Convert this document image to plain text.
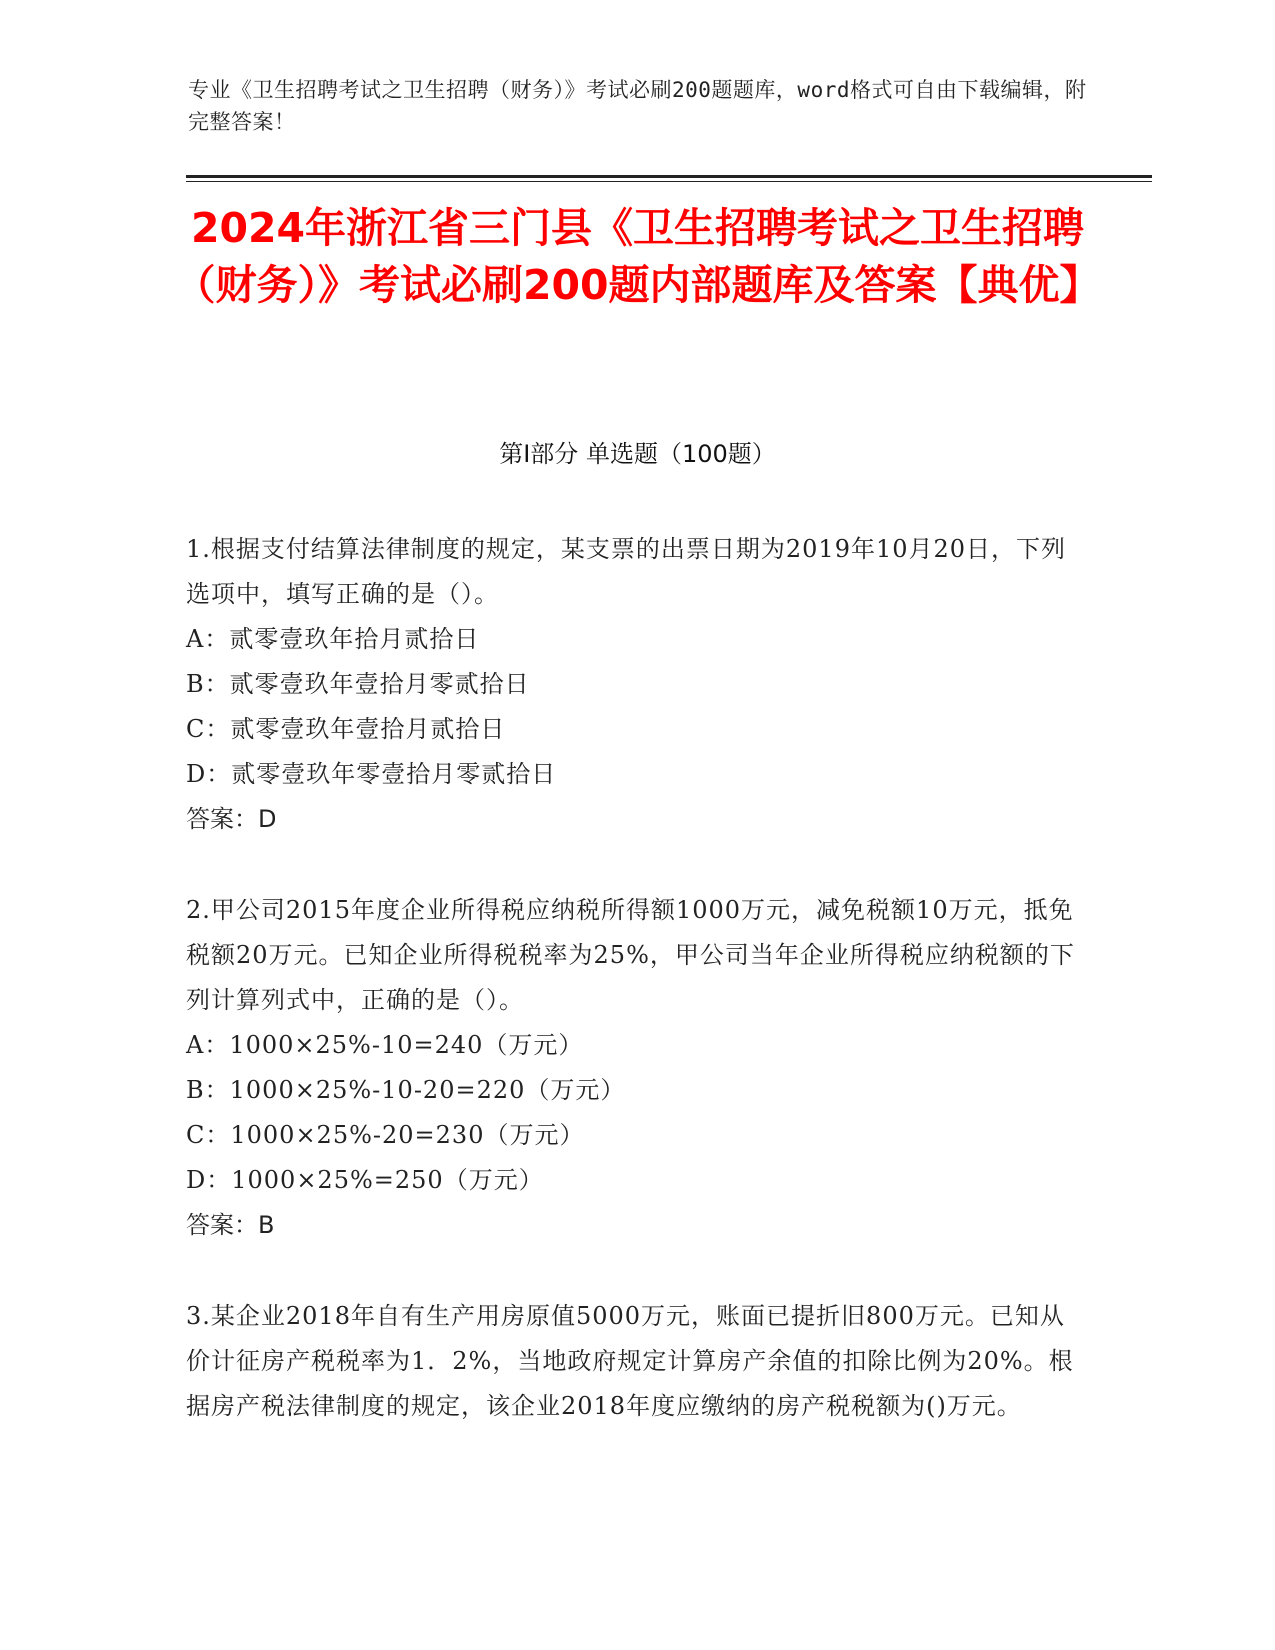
专业《卫生招聘考试之卫生招聘（财务）》考试必刷200题题库，word格式可自由下载编辑，附完整答案！
2024年浙江省三门县《卫生招聘考试之卫生招聘（财务）》考试必刷200题内部题库及答案【典优】
第Ⅰ部分 单选题（100题）

1.根据支付结算法律制度的规定，某支票的出票日期为2019年10月20日，下列选项中，填写正确的是（）。

A：贰零壹玖年拾月贰拾日

B：贰零壹玖年壹拾月零贰拾日

C：贰零壹玖年壹拾月贰拾日

D：贰零壹玖年零壹拾月零贰拾日

答案：D

2.甲公司2015年度企业所得税应纳税所得额1000万元，减免税额10万元，抵免税额20万元。已知企业所得税税率为25%，甲公司当年企业所得税应纳税额的下列计算列式中，正确的是（）。

A：1000×25%-10=240（万元）

B：1000×25%-10-20=220（万元）

C：1000×25%-20=230（万元）

D：1000×25%=250（万元）

答案：B

3.某企业2018年自有生产用房原值5000万元，账面已提折旧800万元。已知从价计征房产税税率为1．2%，当地政府规定计算房产余值的扣除比例为20%。根据房产税法律制度的规定，该企业2018年度应缴纳的房产税税额为()万元。
